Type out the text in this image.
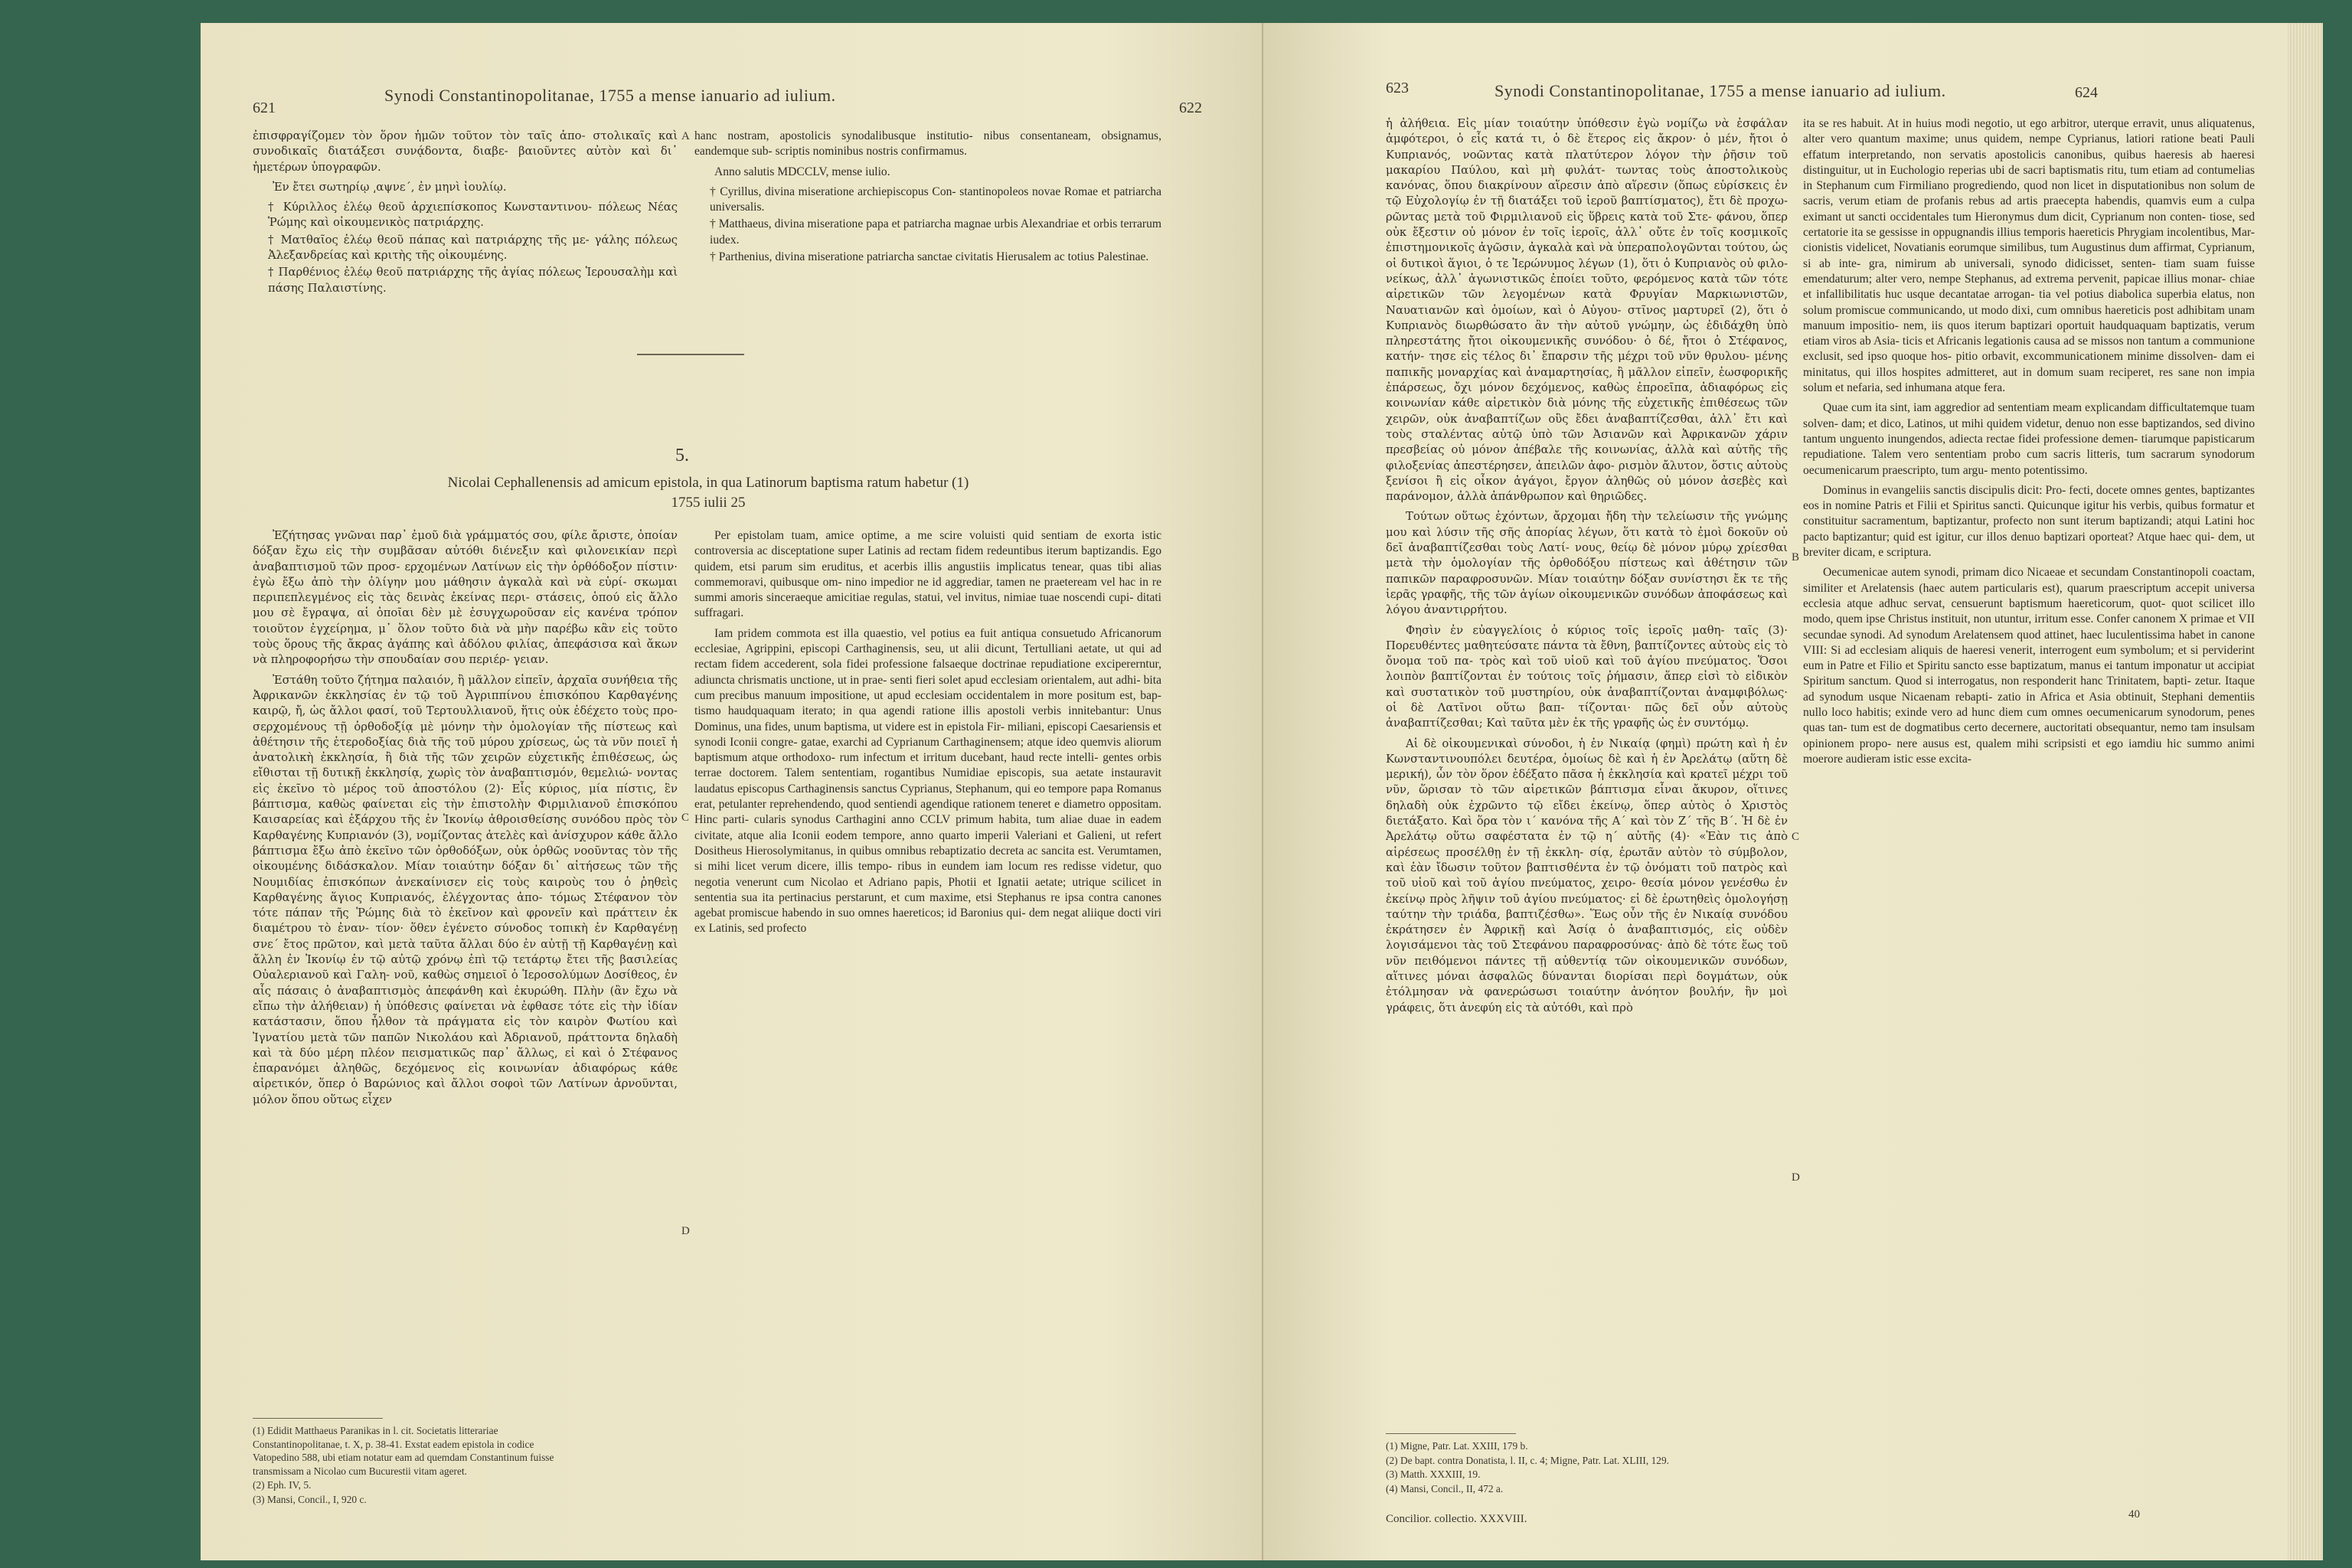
621
Synodi Constantinopolitanae, 1755 a mense ianuario ad iulium.
622

ἐπισφραγίζομεν τὸν ὅρον ἡμῶν τοῦτον τὸν ταῖς ἀπο- στολικαῖς καὶ συνοδικαῖς διατάξεσι συνᾴδοντα, διαβε- βαιοῦντες αὐτὸν καὶ δι᾽ ἡμετέρων ὑπογραφῶν.

Ἐν ἔτει σωτηρίῳ ͵αψνε΄, ἐν μηνὶ ἰουλίῳ.

† Κύριλλος ἐλέῳ θεοῦ ἀρχιεπίσκοπος Κωνσταντινου- πόλεως Νέας Ῥώμης καὶ οἰκουμενικὸς πατριάρχης.

† Ματθαῖος ἐλέῳ θεοῦ πάπας καὶ πατριάρχης τῆς με- γάλης πόλεως Ἀλεξανδρείας καὶ κριτὴς τῆς οἰκουμένης.

† Παρθένιος ἐλέῳ θεοῦ πατριάρχης τῆς ἁγίας πόλεως Ἱερουσαλὴμ καὶ πάσης Παλαιστίνης.

A hanc nostram, apostolicis synodalibusque institutio- nibus consentaneam, obsignamus, eandemque sub- scriptis nominibus nostris confirmamus.

Anno salutis MDCCLV, mense iulio.

† Cyrillus, divina miseratione archiepiscopus Con- stantinopoleos novae Romae et patriarcha universalis.

† Matthaeus, divina miseratione papa et patriarcha magnae urbis Alexandriae et orbis terrarum iudex.

† Parthenius, divina miseratione patriarcha sanctae civitatis Hierusalem ac totius Palestinae.

5.
Nicolai Cephallenensis ad amicum epistola, in qua Latinorum baptisma ratum habetur (1)
1755 iulii 25

Ἐζήτησας γνῶναι παρ᾽ ἐμοῦ διὰ γράμματός σου, φίλε ἄριστε, ὁποίαν δόξαν ἔχω εἰς τὴν συμβᾶσαν αὐτόθι διένεξιν καὶ φιλονεικίαν περὶ ἀναβαπτισμοῦ τῶν προσ- ερχομένων Λατίνων εἰς τὴν ὀρθόδοξον πίστιν· ἐγὼ ἔξω ἀπὸ τὴν ὀλίγην μου μάθησιν ἀγκαλὰ καὶ νὰ εὑρί- σκωμαι περιπεπλεγμένος εἰς τὰς δεινὰς ἐκείνας περι- στάσεις, ὁπού εἰς ἄλλο μου σὲ ἔγραψα, αἱ ὁποῖαι δὲν μὲ ἐσυγχωροῦσαν εἰς κανένα τρόπον τοιοῦτον ἐγχείρημα, μ᾽ ὅλον τοῦτο διὰ νὰ μὴν παρέβω κἂν εἰς τοῦτο τοὺς ὅρους τῆς ἄκρας ἀγάπης καὶ ἀδόλου φιλίας, ἀπεφάσισα καὶ ἄκων νὰ πληροφορήσω τὴν σπουδαίαν σου περιέρ- γειαν.

Ἐστάθη τοῦτο ζήτημα παλαιόν, ἢ μᾶλλον εἰπεῖν, ἀρχαῖα συνήθεια τῆς Ἀφρικανῶν ἐκκλησίας ἐν τῷ τοῦ Ἀγριππίνου ἐπισκόπου Καρθαγένης καιρῷ, ἤ, ὡς ἄλλοι φασί, τοῦ Τερτουλλιανοῦ, ἥτις οὐκ ἐδέχετο τοὺς προ- σερχομένους τῇ ὀρθοδοξίᾳ μὲ μόνην τὴν ὁμολογίαν τῆς πίστεως καὶ ἀθέτησιν τῆς ἑτεροδοξίας διὰ τῆς τοῦ μύρου χρίσεως, ὡς τὰ νῦν ποιεῖ ἡ ἀνατολικὴ ἐκκλησία, ἢ διὰ τῆς τῶν χειρῶν εὐχετικῆς ἐπιθέσεως, ὡς εἴθισται τῇ δυτικῇ ἐκκλησίᾳ, χωρὶς τὸν ἀναβαπτισμόν, θεμελιώ- νοντας εἰς ἐκεῖνο τὸ μέρος τοῦ ἀποστόλου (2)· Εἷς κύριος, μία πίστις, ἓν βάπτισμα, καθὼς φαίνεται εἰς τὴν ἐπιστολὴν Φιρμιλιανοῦ ἐπισκόπου Καισαρείας καὶ ἐξάρχου τῆς ἐν Ἰκονίῳ ἀθροισθείσης συνόδου πρὸς τὸν Καρθαγένης Κυπριανόν (3), νομίζοντας ἀτελὲς καὶ ἀνίσχυρον κάθε ἄλλο βάπτισμα ἔξω ἀπὸ ἐκεῖνο τῶν ὀρθοδόξων, οὐκ ὀρθῶς νοοῦντας τὸν τῆς οἰκουμένης διδάσκαλον. Μίαν τοιαύτην δόξαν δι᾽ αἰτήσεως τῶν τῆς Νουμιδίας ἐπισκόπων ἀνεκαίνισεν εἰς τοὺς καιροὺς του ὁ ῥηθεὶς Καρθαγένης ἅγιος Κυπριανός, ἐλέγχοντας ἀπο- τόμως Στέφανον τὸν τότε πάπαν τῆς Ῥώμης διὰ τὸ ἐκεῖνον καὶ φρονεῖν καὶ πράττειν ἐκ διαμέτρου τὸ ἐναν- τίον· ὅθεν ἐγένετο σύνοδος τοπικὴ ἐν Καρθαγένῃ σνε΄ ἔτος πρῶτον, καὶ μετὰ ταῦτα ἄλλαι δύο ἐν αὐτῇ τῇ Καρθαγένῃ καὶ ἄλλη ἐν Ἰκονίῳ ἐν τῷ αὐτῷ χρόνῳ ἐπὶ τῷ τετάρτῳ ἔτει τῆς βασιλείας Οὐαλεριανοῦ καὶ Γαλη- νοῦ, καθὼς σημειοῖ ὁ Ἱεροσολύμων Δοσίθεος, ἐν αἷς πάσαις ὁ ἀναβαπτισμὸς ἀπεφάνθη καὶ ἐκυρώθη. Πλὴν (ἂν ἔχω νὰ εἴπω τὴν ἀλήθειαν) ἡ ὑπόθεσις φαίνεται νὰ ἐφθασε τότε εἰς τὴν ἰδίαν κατάστασιν, ὅπου ἦλθον τὰ πράγματα εἰς τὸν καιρὸν Φωτίου καὶ Ἰγνατίου μετὰ τῶν παπῶν Νικολάου καὶ Ἀδριανοῦ, πράττοντα δηλαδὴ καὶ τὰ δύο μέρη πλέον πεισματικῶς παρ᾽ ἄλλως, εἰ καὶ ὁ Στέφανος ἐπαρανόμει ἀληθῶς, δεχόμενος εἰς κοινωνίαν ἀδιαφόρως κάθε αἱρετικόν, ὅπερ ὁ Βαρώνιος καὶ ἄλλοι σοφοὶ τῶν Λατίνων ἀρνοῦνται, μόλον ὅπου οὕτως εἶχεν

C
D

Per epistolam tuam, amice optime, a me scire voluisti quid sentiam de exorta istic controversia ac disceptatione super Latinis ad rectam fidem redeuntibus iterum baptizandis. Ego quidem, etsi parum sim eruditus, et acerbis illis angustiis implicatus tenear, quas tibi alias commemoravi, quibusque om- nino impedior ne id aggrediar, tamen ne praeteream vel hac in re summi amoris sinceraeque amicitiae regulas, statui, vel invitus, nimiae tuae noscendi cupi- ditati suffragari.

Iam pridem commota est illa quaestio, vel potius ea fuit antiqua consuetudo Africanorum ecclesiae, Agrippini, episcopi Carthaginensis, seu, ut alii dicunt, Tertulliani aetate, ut qui ad rectam fidem accederent, sola fidei professione falsaeque doctrinae repudiatione excipererntur, adiuncta chrismatis unctione, ut in prae- senti fieri solet apud ecclesiam orientalem, aut adhi- bita cum precibus manuum impositione, ut apud ecclesiam occidentalem in more positum est, bap- tismo haudquaquam iterato; in qua agendi ratione illis apostoli verbis innitebantur: Unus Dominus, una fides, unum baptisma, ut videre est in epistola Fir- miliani, episcopi Caesariensis et synodi Iconii congre- gatae, exarchi ad Cyprianum Carthaginensem; atque ideo quemvis aliorum baptismum atque orthodoxo- rum infectum et irritum ducebant, haud recte intelli- gentes orbis terrae doctorem. Talem sententiam, rogantibus Numidiae episcopis, sua aetate instauravit laudatus episcopus Carthaginensis sanctus Cyprianus, Stephanum, qui eo tempore papa Romanus erat, petulanter reprehendendo, quod sentiendi agendique rationem teneret e diametro oppositam. Hinc parti- cularis synodus Carthagini anno CCLV primum habita, tum aliae duae in eadem civitate, atque alia Iconii eodem tempore, anno quarto imperii Valeriani et Galieni, ut refert Dositheus Hierosolymitanus, in quibus omnibus rebaptizatio decreta ac sancita est. Verumtamen, si mihi licet verum dicere, illis tempo- ribus in eundem iam locum res redisse videtur, quo negotia venerunt cum Nicolao et Adriano papis, Photii et Ignatii aetate; utrique scilicet in sententia sua ita pertinacius perstarunt, et cum maxime, etsi Stephanus re ipsa contra canones agebat promiscue habendo in suo omnes haereticos; id Baronius qui- dem negat aliique docti viri ex Latinis, sed profecto

(1) Edidit Matthaeus Paranikas in l. cit. Societatis litterariae Constantinopolitanae, t. X, p. 38-41. Exstat eadem epistola in codice Vatopedino 588, ubi etiam notatur eam ad quemdam Constantinum fuisse transmissam a Nicolao cum Bucurestii vitam ageret.
(2) Eph. IV, 5.
(3) Mansi, Concil., I, 920 c.
623	Synodi Constantinopolitanae, 1755 a mense ianuario ad iulium.	624

ἡ ἀλήθεια. Εἰς μίαν τοιαύτην ὑπόθεσιν ἐγὼ νομίζω νὰ ἐσφάλαν ἀμφότεροι, ὁ εἷς κατά τι, ὁ δὲ ἕτερος εἰς ἄκρον· ὁ μέν, ἤτοι ὁ Κυπριανός, νοῶντας κατὰ πλατύτερον λόγον τὴν ῥῆσιν τοῦ μακαρίου Παύλου, καὶ μὴ φυλάτ- τωντας τοὺς ἀποστολικοὺς κανόνας, ὅπου διακρίνουν αἵρεσιν ἀπὸ αἵρεσιν (ὅπως εὑρίσκεις ἐν τῷ Εὐχολογίῳ ἐν τῇ διατάξει τοῦ ἱεροῦ βαπτίσματος), ἔτι δὲ προχω- ρῶντας μετὰ τοῦ Φιρμιλιανοῦ εἰς ὕβρεις κατὰ τοῦ Στε- φάνου, ὅπερ οὐκ ἔξεστιν οὐ μόνον ἐν τοῖς ἱεροῖς, ἀλλ᾽ οὔτε ἐν τοῖς κοσμικοῖς ἐπιστημονικοῖς ἀγῶσιν, ἀγκαλὰ καὶ νὰ ὑπεραπολογῶνται τούτου, ὡς οἱ δυτικοὶ ἅγιοι, ὁ τε Ἱερώνυμος λέγων (1), ὅτι ὁ Κυπριανὸς οὐ φιλο- νείκως, ἀλλ᾽ ἀγωνιστικῶς ἐποίει τοῦτο, φερόμενος κατὰ τῶν τότε αἱρετικῶν τῶν λεγομένων κατὰ Φρυγίαν Μαρκιωνιστῶν, Ναυατιανῶν καὶ ὁμοίων, καὶ ὁ Αὐγου- στῖνος μαρτυρεῖ (2), ὅτι ὁ Κυπριανὸς διωρθώσατο ἂν τὴν αὐτοῦ γνώμην, ὡς ἐδιδάχθη ὑπὸ πληρεστάτης ἤτοι οἰκουμενικῆς συνόδου· ὁ δέ, ἤτοι ὁ Στέφανος, κατήν- τησε εἰς τέλος δι᾽ ἔπαρσιν τῆς μέχρι τοῦ νῦν θρυλου- μένης παπικῆς μοναρχίας καὶ ἀναμαρτησίας, ἢ μᾶλλον εἰπεῖν, ἑωσφορικῆς ἐπάρσεως, ὄχι μόνον δεχόμενος, καθὼς ἐπροεῖπα, ἀδιαφόρως εἰς κοινωνίαν κάθε αἱρετικὸν διὰ μόνης τῆς εὐχετικῆς ἐπιθέσεως τῶν χειρῶν, οὐκ ἀναβαπτίζων οὓς ἔδει ἀναβαπτίζεσθαι, ἀλλ᾽ ἔτι καὶ τοὺς σταλέντας αὐτῷ ὑπὸ τῶν Ἀσιανῶν καὶ Ἀφρικανῶν χάριν πρεσβείας οὐ μόνον ἀπέβαλε τῆς κοινωνίας, ἀλλὰ καὶ αὐτῆς τῆς φιλοξενίας ἀπεστέρησεν, ἀπειλῶν ἀφο- ρισμὸν ἄλυτον, ὅστις αὐτοὺς ξενίσοι ἢ εἰς οἶκον ἀγάγοι, ἔργον ἀληθῶς οὐ μόνον ἀσεβὲς καὶ παράνομον, ἀλλὰ ἀπάνθρωπον καὶ θηριῶδες.

Τούτων οὕτως ἐχόντων, ἄρχομαι ἤδη τὴν τελείωσιν τῆς γνώμης μου καὶ λύσιν τῆς σῆς ἀπορίας λέγων, ὅτι κατὰ τὸ ἐμοὶ δοκοῦν οὐ δεῖ ἀναβαπτίζεσθαι τοὺς Λατί- νους, θείῳ δὲ μόνον μύρῳ χρίεσθαι μετὰ τὴν ὁμολογίαν τῆς ὀρθοδόξου πίστεως καὶ ἀθέτησιν τῶν παπικῶν παραφροσυνῶν. Μίαν τοιαύτην δόξαν συνίστησι ἔκ τε τῆς ἱερᾶς γραφῆς, τῆς τῶν ἁγίων οἰκουμενικῶν συνόδων ἀποφάσεως καὶ λόγου ἀναντιρρήτου.

Φησὶν ἐν εὐαγγελίοις ὁ κύριος τοῖς ἱεροῖς μαθη- ταῖς (3)· Πορευθέντες μαθητεύσατε πάντα τὰ ἔθνη, βαπτίζοντες αὐτοὺς εἰς τὸ ὄνομα τοῦ πα- τρὸς καὶ τοῦ υἱοῦ καὶ τοῦ ἁγίου πνεύματος. Ὅσοι λοιπὸν βαπτίζονται ἐν τούτοις τοῖς ῥήμασιν, ἅπερ εἰσὶ τὸ εἰδικὸν καὶ συστατικὸν τοῦ μυστηρίου, οὐκ ἀναβαπτίζονται ἀναμφιβόλως· οἱ δὲ Λατῖνοι οὕτω βαπ- τίζονται· πῶς δεῖ οὖν αὐτοὺς ἀναβαπτίζεσθαι; Καὶ ταῦτα μὲν ἐκ τῆς γραφῆς ὡς ἐν συντόμῳ.

Αἱ δὲ οἰκουμενικαὶ σύνοδοι, ἡ ἐν Νικαίᾳ (φημὶ) πρώτη καὶ ἡ ἐν Κωνσταντινουπόλει δευτέρα, ὁμοίως δὲ καὶ ἡ ἐν Ἀρελάτῳ (αὕτη δὲ μερική), ὧν τὸν ὅρον ἐδέξατο πᾶσα ἡ ἐκκλησία καὶ κρατεῖ μέχρι τοῦ νῦν, ὥρισαν τὸ τῶν αἱρετικῶν βάπτισμα εἶναι ἄκυρον, οἵτινες δηλαδὴ οὐκ ἐχρῶντο τῷ εἴδει ἐκείνῳ, ὅπερ αὐτὸς ὁ Χριστὸς διετάξατο. Καὶ ὅρα τὸν ι΄ κανόνα τῆς Α΄ καὶ τὸν Ζ΄ τῆς Β΄. Ἡ δὲ ἐν Ἀρελάτῳ οὕτω σαφέστατα ἐν τῷ η΄ αὐτῆς (4)· «Ἐὰν τις ἀπὸ αἱρέσεως προσέλθῃ ἐν τῇ ἐκκλη- σίᾳ, ἐρωτᾶν αὐτὸν τὸ σύμβολον, καὶ ἐὰν ἴδωσιν τοῦτον βαπτισθέντα ἐν τῷ ὀνόματι τοῦ πατρὸς καὶ τοῦ υἱοῦ καὶ τοῦ ἁγίου πνεύματος, χειρο- θεσία μόνον γενέσθω ἐν ἐκείνῳ πρὸς λῆψιν τοῦ ἁγίου πνεύματος· εἰ δὲ ἐρωτηθεὶς ὁμολογήσῃ ταύτην τὴν τριάδα, βαπτιζέσθω». Ἕως οὖν τῆς ἐν Νικαίᾳ συνόδου ἐκράτησεν ἐν Ἀφρικῇ καὶ Ἀσίᾳ ὁ ἀναβαπτισμός, εἰς οὐδὲν λογισάμενοι τὰς τοῦ Στεφάνου παραφροσύνας· ἀπὸ δὲ τότε ἕως τοῦ νῦν πειθόμενοι πάντες τῇ αὐθεντίᾳ τῶν οἰκουμενικῶν συνόδων, αἵτινες μόναι ἀσφαλῶς δύνανται διορίσαι περὶ δογμάτων, οὐκ ἐτόλμησαν νὰ φανερώσωσι τοιαύτην ἀνόητον βουλήν, ἣν μοὶ γράφεις, ὅτι ἀνεφύη εἰς τὰ αὐτόθι, καὶ πρὸ

B
C
D

ita se res habuit. At in huius modi negotio, ut ego arbitror, uterque erravit, unus aliquatenus, alter vero quantum maxime; unus quidem, nempe Cyprianus, latiori ratione beati Pauli effatum interpretando, non servatis apostolicis canonibus, quibus haeresis ab haeresi distinguitur, ut in Euchologio reperias ubi de sacri baptismatis ritu, tum etiam ad contumelias in Stephanum cum Firmiliano progrediendo, quod non licet in disputationibus non solum de sacris, verum etiam de profanis rebus ad artis praecepta habendis, quamvis eum a culpa eximant ut sancti occidentales tum Hieronymus dum dicit, Cyprianum non conten- tiose, sed certatorie ita se gessisse in oppugnandis illius temporis haereticis Phrygiam incolentibus, Mar- cionistis videlicet, Novatianis eorumque similibus, tum Augustinus dum affirmat, Cyprianum, si ab inte- gra, nimirum ab universali, synodo didicisset, senten- tiam suam fuisse emendaturum; alter vero, nempe Stephanus, ad extrema pervenit, papicae illius monar- chiae et infallibilitatis huc usque decantatae arrogan- tia vel potius diabolica superbia elatus, non solum promiscue communicando, ut modo dixi, cum omnibus haereticis post adhibitam unam manuum impositio- nem, iis quos iterum baptizari oportuit haudquaquam baptizatis, verum etiam viros ab Asia- ticis et Africanis legationis causa ad se missos non tantum a communione exclusit, sed ipso quoque hos- pitio orbavit, excommunicationem minime dissolven- dam ei minitatus, qui illos hospites admitteret, aut in domum suam reciperet, res sane non impia solum et nefaria, sed inhumana atque fera.

Quae cum ita sint, iam aggredior ad sententiam meam explicandam difficultatemque tuam solven- dam; et dico, Latinos, ut mihi quidem videtur, denuo non esse baptizandos, sed divino tantum unguento inungendos, adiecta rectae fidei professione demen- tiarumque papisticarum repudiatione. Talem vero sententiam probo cum sacris litteris, tum sacrarum synodorum oecumenicarum praescripto, tum argu- mento potentissimo.

Dominus in evangeliis sanctis discipulis dicit: Pro- fecti, docete omnes gentes, baptizantes eos in nomine Patris et Filii et Spiritus sancti. Quicunque igitur his verbis, quibus formatur et constituitur sacramentum, baptizantur, profecto non sunt iterum baptizandi; atqui Latini hoc pacto baptizantur; quid est igitur, cur illos denuo baptizari oporteat? Atque haec qui- dem, ut breviter dicam, e scriptura.

Oecumenicae autem synodi, primam dico Nicaeae et secundam Constantinopoli coactam, similiter et Arelatensis (haec autem particularis est), quarum praescriptum accepit universa ecclesia atque adhuc servat, censuerunt baptismum haereticorum, quot- quot scilicet illo modo, quem ipse Christus instituit, non utuntur, irritum esse. Confer canonem X primae et VII secundae synodi. Ad synodum Arelatensem quod attinet, haec luculentissima habet in canone VIII: Si ad ecclesiam aliquis de haeresi venerit, interrogent eum symbolum; et si perviderint eum in Patre et Filio et Spiritu sancto esse baptizatum, manus ei tantum imponatur ut accipiat Spiritum sanctum. Quod si interrogatus, non responderit hanc Trinitatem, bapti- zetur. Itaque ad synodum usque Nicaenam rebapti- zatio in Africa et Asia obtinuit, Stephani dementiis nullo loco habitis; exinde vero ad hunc diem cum omnes oecumenicarum synodorum, penes quas tan- tum est de dogmatibus certo decernere, auctoritati obsequantur, nemo tam insulsam opinionem propo- nere ausus est, qualem mihi scripsisti et ego iamdiu hic summo animi moerore audieram istic esse excita-

(1) Migne, Patr. Lat. XXIII, 179 b.
(2) De bapt. contra Donatista, l. II, c. 4; Migne, Patr. Lat. XLIII, 129.
(3) Matth. XXXIII, 19.
(4) Mansi, Concil., II, 472 a.
Concilior. collectio. XXXVIII.	40
